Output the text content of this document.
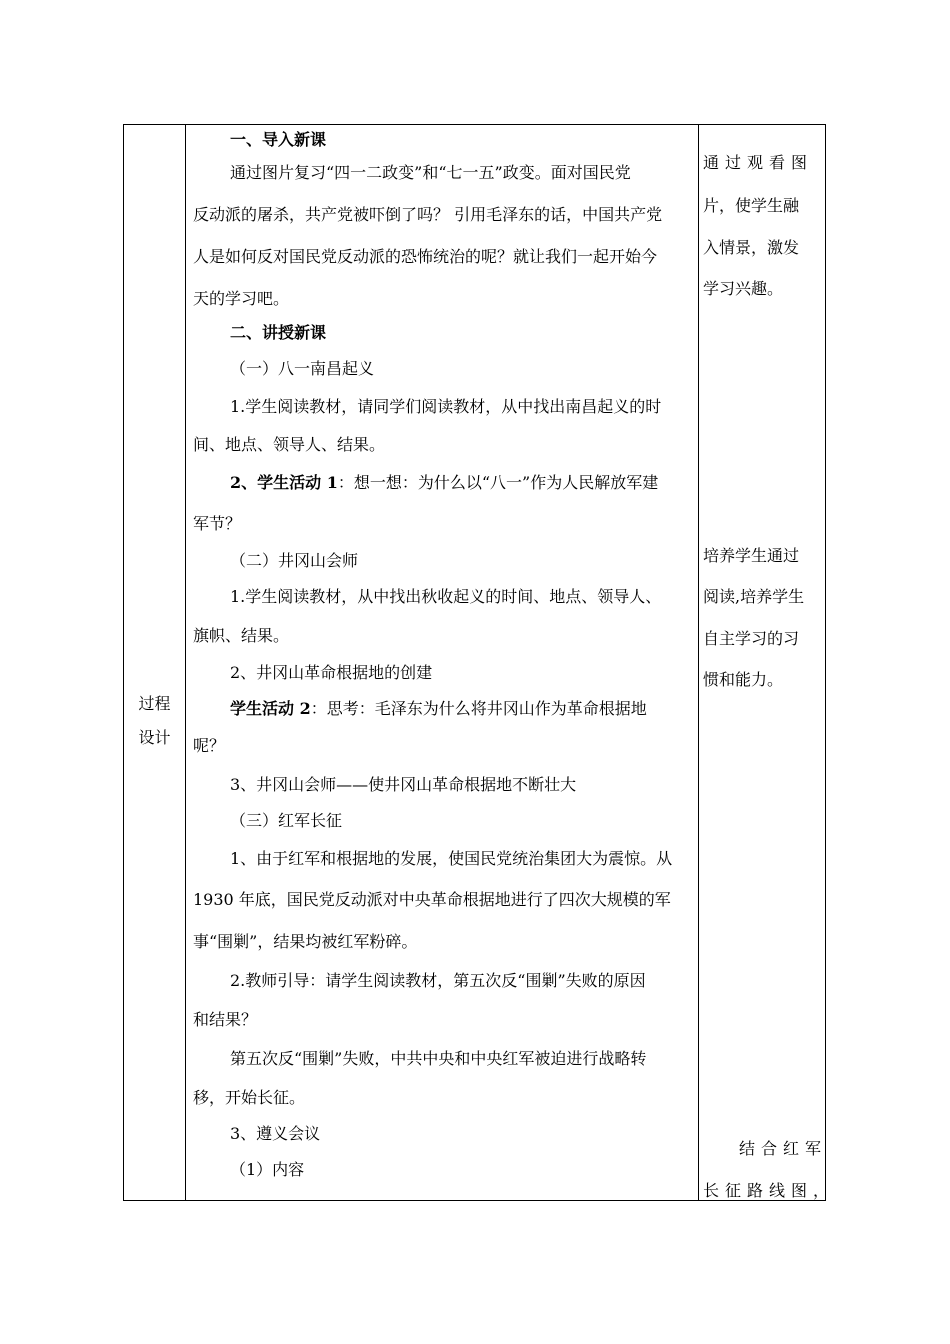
过程
设计

一、导入新课

通过图片复习“四一二政变”和“七一五”政变。面对国民党

反动派的屠杀，共产党被吓倒了吗？ 引用毛泽东的话，中国共产党

人是如何反对国民党反动派的恐怖统治的呢？就让我们一起开始今

天的学习吧。

二、讲授新课

（一）八一南昌起义

1.学生阅读教材，请同学们阅读教材，从中找出南昌起义的时

间、地点、领导人、结果。

2、学生活动 1：想一想：为什么以“八一”作为人民解放军建

军节？

（二）井冈山会师

1.学生阅读教材，从中找出秋收起义的时间、地点、领导人、

旗帜、结果。

2、井冈山革命根据地的创建

学生活动 2：思考：毛泽东为什么将井冈山作为革命根据地

呢？

3、井冈山会师——使井冈山革命根据地不断壮大

（三）红军长征

1、由于红军和根据地的发展，使国民党统治集团大为震惊。从

1930 年底，国民党反动派对中央革命根据地进行了四次大规模的军

事“围剿”，结果均被红军粉碎。

2.教师引导：请学生阅读教材，第五次反“围剿”失败的原因

和结果？

第五次反“围剿”失败，中共中央和中央红军被迫进行战略转

移，开始长征。

3、遵义会议

（1）内容

通过观看图

片，使学生融

入情景，激发

学习兴趣。

培养学生通过

阅读,培养学生

自主学习的习

惯和能力。

结合红军

长征路线图，
